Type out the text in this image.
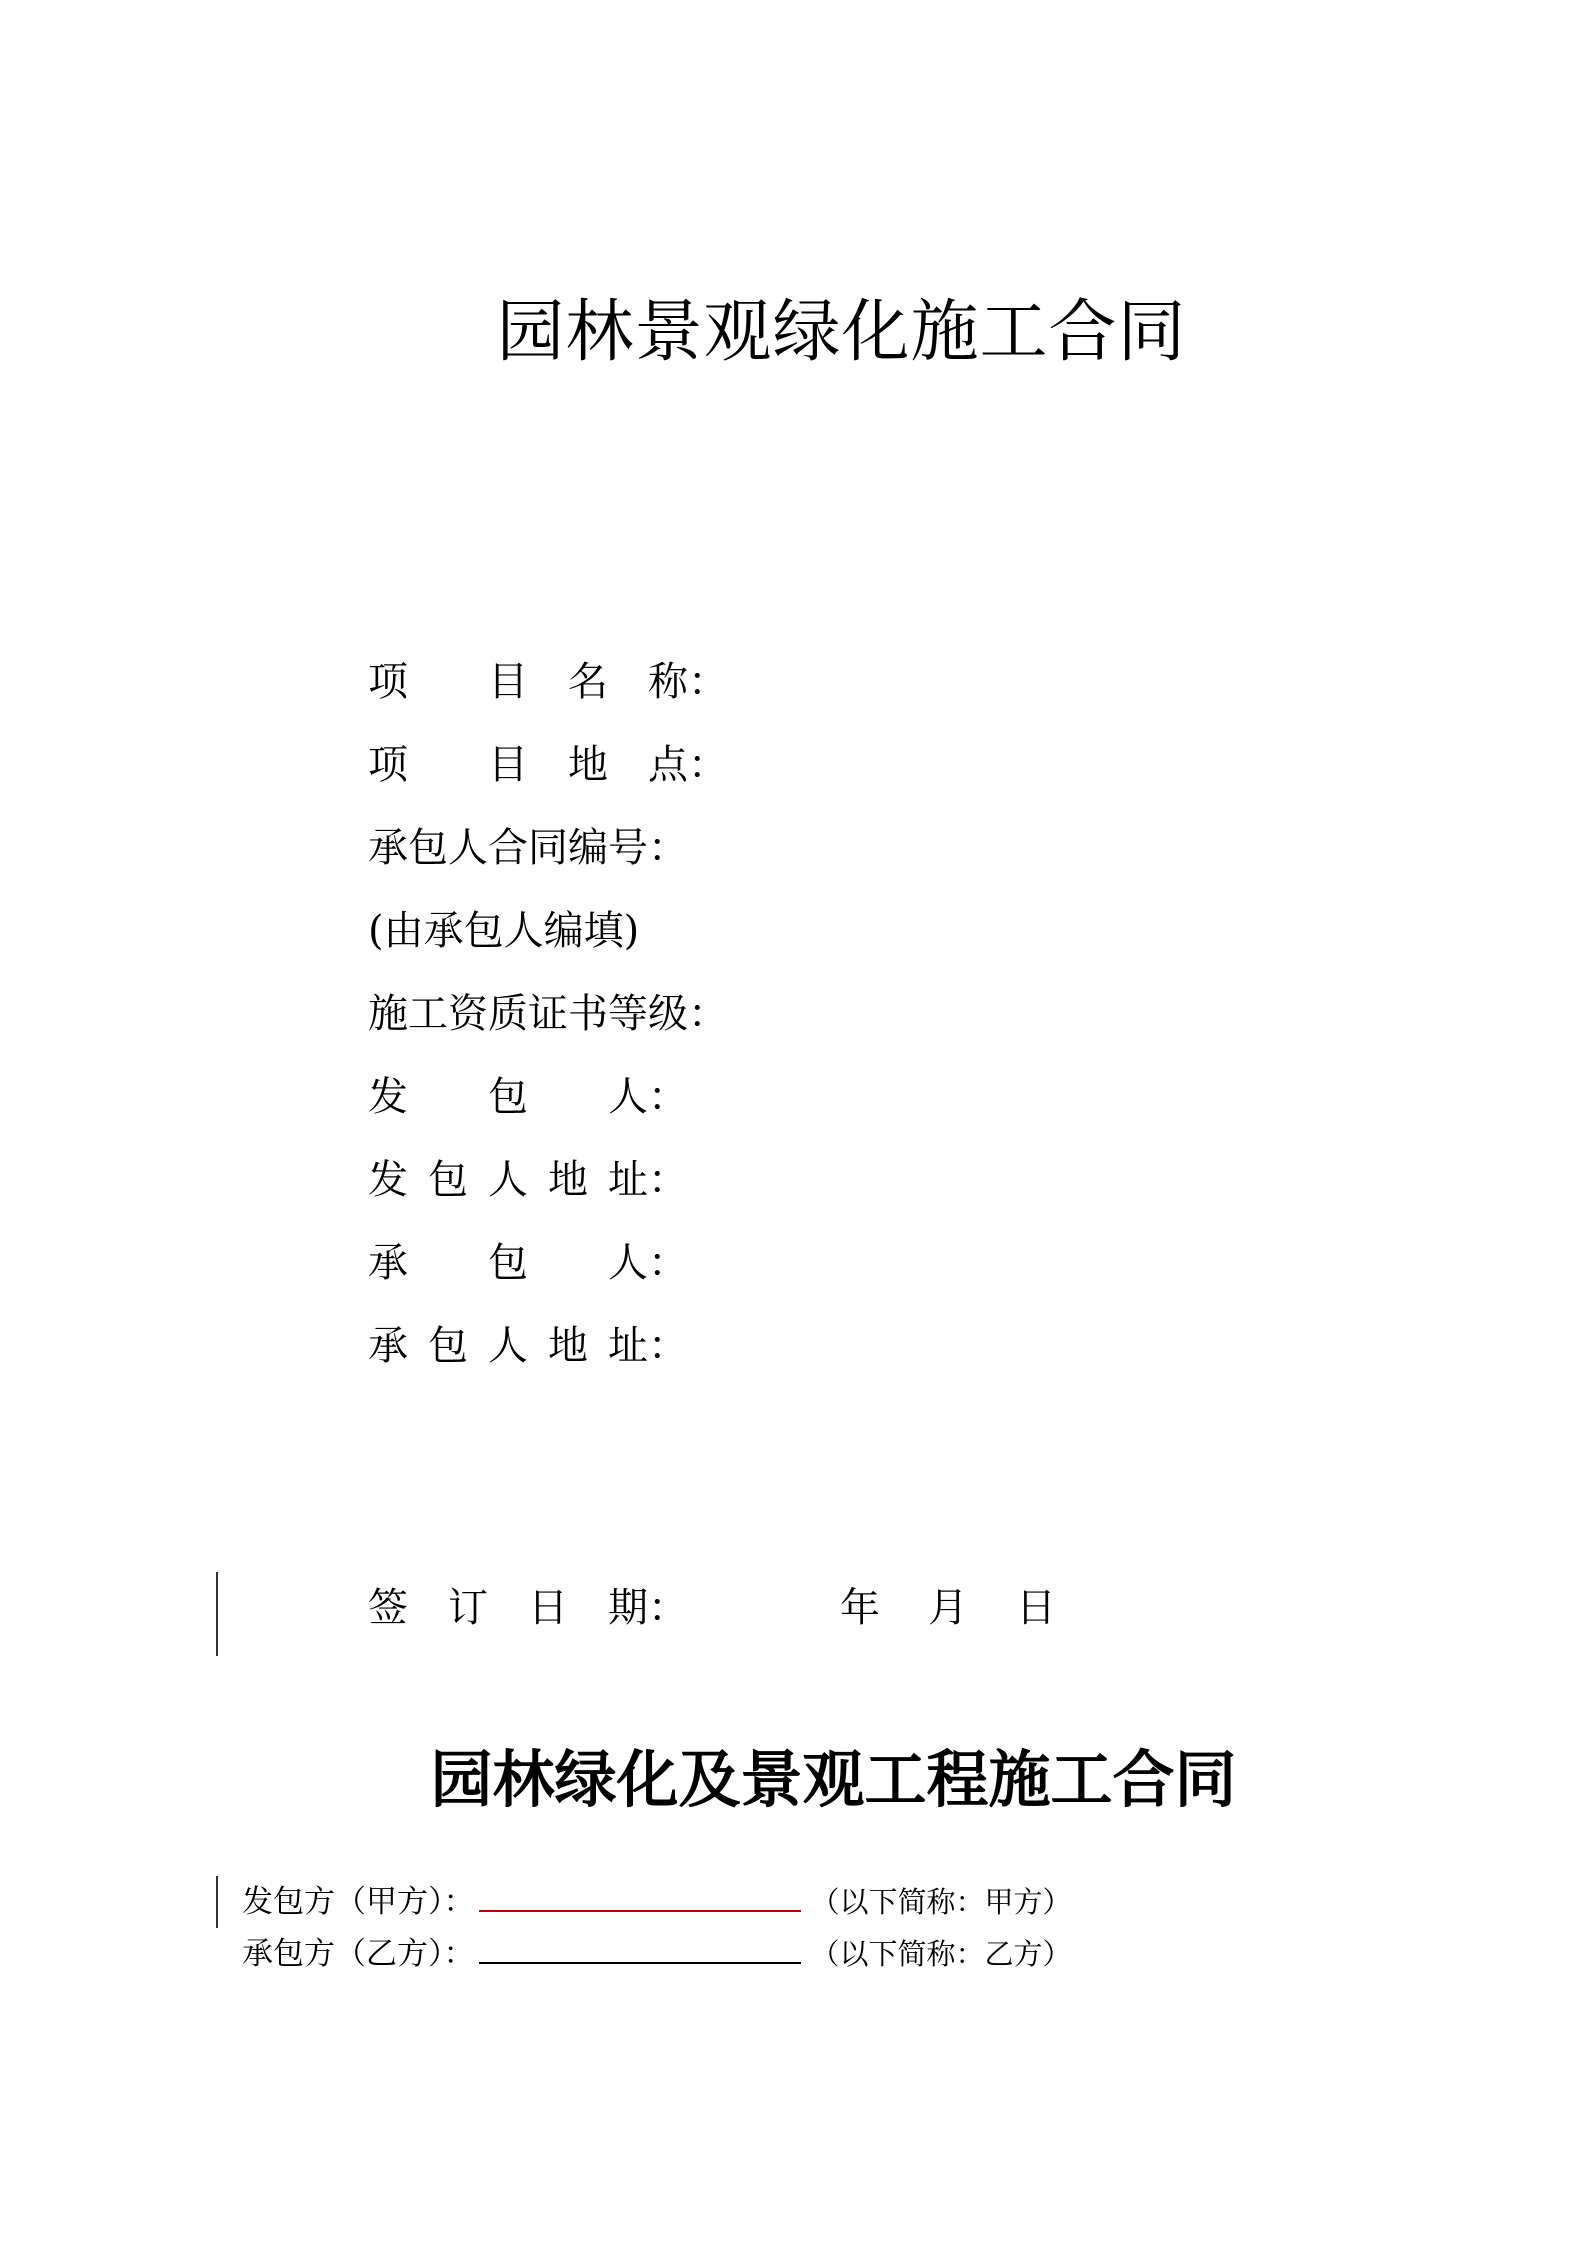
园林景观绿化施工合同
项  目 名 称：
项  目 地 点：
承包人合同编号：
(由承包人编填)
施工资质证书等级：
发  包  人：
发 包 人 地 址：
承  包  人：
承 包 人 地 址：
签  订  日  期：	年 月 日
园林绿化及景观工程施工合同
发包方（甲方）：	（以下简称：甲方）
承包方（乙方）：	（以下简称：乙方）
